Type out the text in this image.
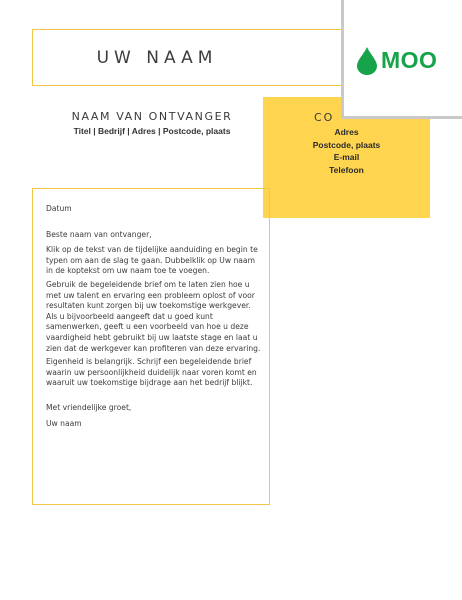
UW NAAM
CO
Adres
Postcode, plaats
E-mail
Telefoon
MOO
NAAM VAN ONTVANGER
Titel | Bedrijf | Adres | Postcode, plaats

Datum

Beste naam van ontvanger,

Klik op de tekst van de tijdelijke aanduiding en begin te typen om aan de slag te gaan. Dubbelklik op Uw naam in de koptekst om uw naam toe te voegen.

Gebruik de begeleidende brief om te laten zien hoe u met uw talent en ervaring een probleem oplost of voor resultaten kunt zorgen bij uw toekomstige werkgever. Als u bijvoorbeeld aangeeft dat u goed kunt samenwerken, geeft u een voorbeeld van hoe u deze vaardigheid hebt gebruikt bij uw laatste stage en laat u zien dat de werkgever kan profiteren van deze ervaring.

Eigenheid is belangrijk. Schrijf een begeleidende brief waarin uw persoonlijkheid duidelijk naar voren komt en waaruit uw toekomstige bijdrage aan het bedrijf blijkt.

Met vriendelijke groet,

Uw naam
